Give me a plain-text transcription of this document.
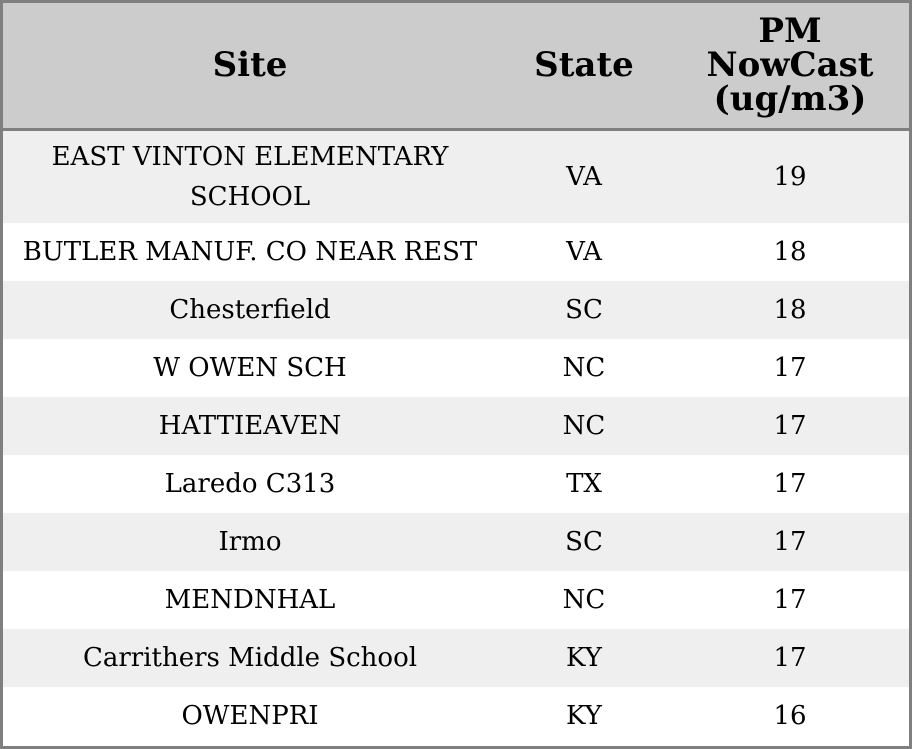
Site	State	PM
NowCast
(ug/m3)

EAST VINTON ELEMENTARY SCHOOL	VA	19
BUTLER MANUF. CO NEAR REST	VA	18
Chesterfield	SC	18
W OWEN SCH	NC	17
HATTIEAVEN	NC	17
Laredo C313	TX	17
Irmo	SC	17
MENDNHAL	NC	17
Carrithers Middle School	KY	17
OWENPRI	KY	16
